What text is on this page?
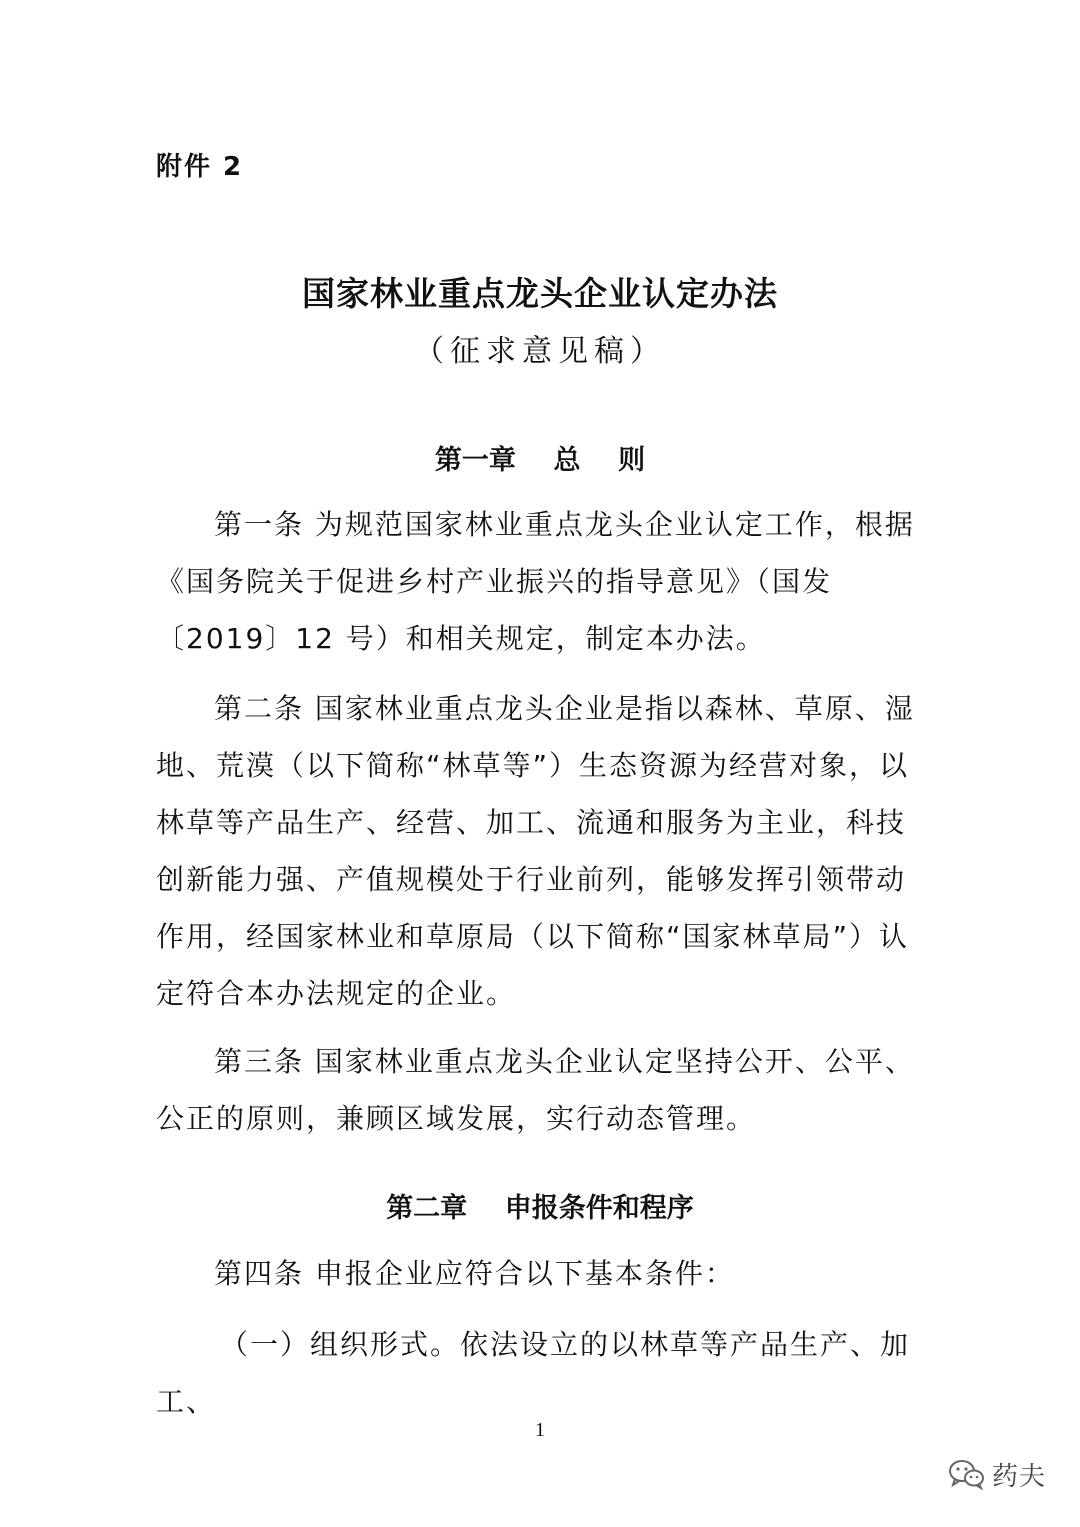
附件 2
国家林业重点龙头企业认定办法
（征求意见稿）
第一章    总    则
第一条 为规范国家林业重点龙头企业认定工作，根据《国务院关于促进乡村产业振兴的指导意见》（国发〔2019〕12 号）和相关规定，制定本办法。
第二条 国家林业重点龙头企业是指以森林、草原、湿地、荒漠（以下简称“林草等”）生态资源为经营对象，以林草等产品生产、经营、加工、流通和服务为主业，科技创新能力强、产值规模处于行业前列，能够发挥引领带动作用，经国家林业和草原局（以下简称“国家林草局”）认定符合本办法规定的企业。
第三条 国家林业重点龙头企业认定坚持公开、公平、公正的原则，兼顾区域发展，实行动态管理。
第二章    申报条件和程序
第四条 申报企业应符合以下基本条件：
（一）组织形式。依法设立的以林草等产品生产、加工、
1
药夫
